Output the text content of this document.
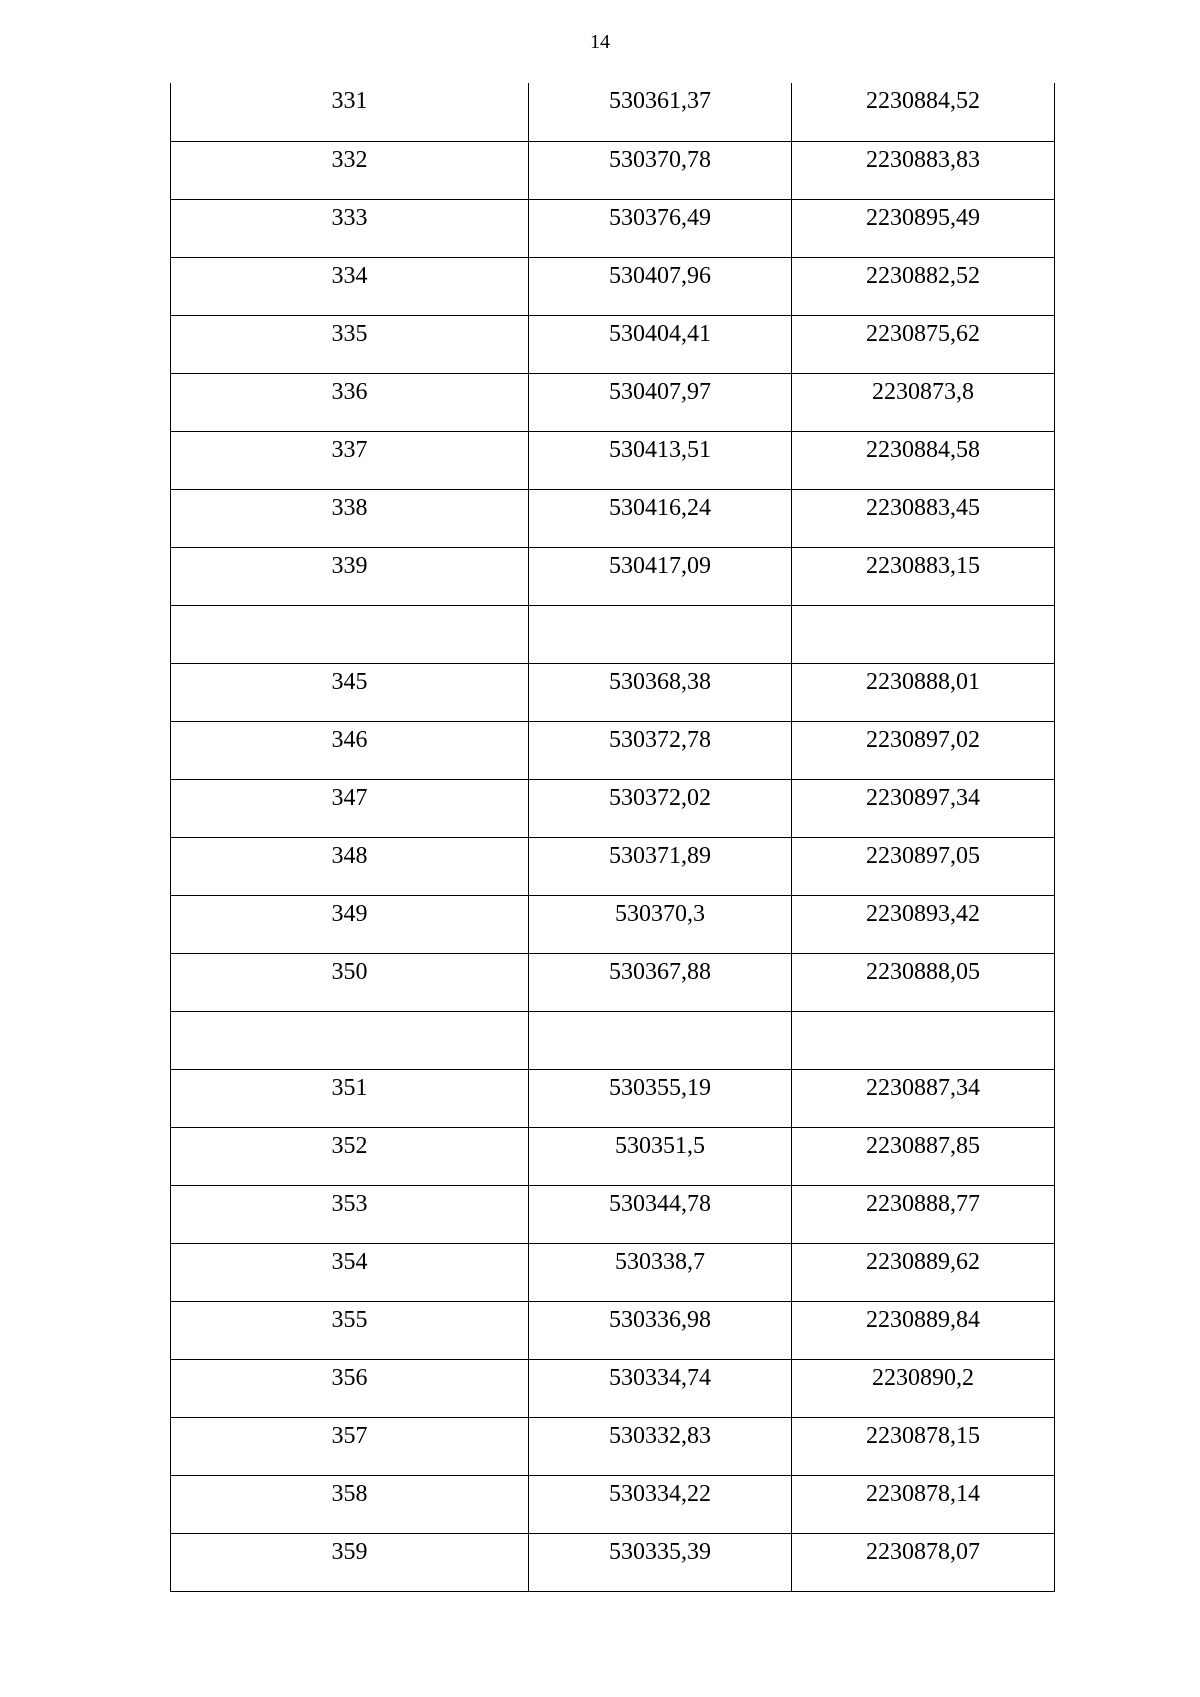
14
331	530361,37	2230884,52

332	530370,78	2230883,83

333	530376,49	2230895,49

334	530407,96	2230882,52

335	530404,41	2230875,62

336	530407,97	2230873,8

337	530413,51	2230884,58

338	530416,24	2230883,45

339	530417,09	2230883,15

345	530368,38	2230888,01

346	530372,78	2230897,02

347	530372,02	2230897,34

348	530371,89	2230897,05

349	530370,3	2230893,42

350	530367,88	2230888,05

351	530355,19	2230887,34

352	530351,5	2230887,85

353	530344,78	2230888,77

354	530338,7	2230889,62

355	530336,98	2230889,84

356	530334,74	2230890,2

357	530332,83	2230878,15

358	530334,22	2230878,14

359	530335,39	2230878,07
